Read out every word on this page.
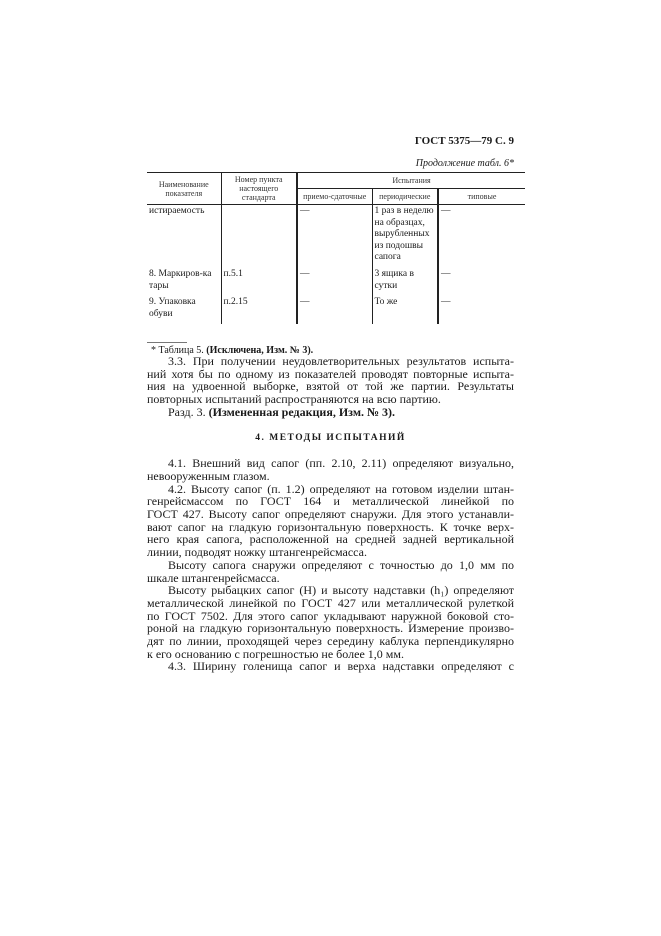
ГОСТ 5375—79 С. 9
Продолжение табл. 6*
Наименование показателя	Номер пункта настоящего стандарта	Испытания		
		приемо-сдаточные	периодические	типовые
истираемость		—	1 раз в неделю на образцах, вырубленных из подошвы сапога	—
8. Маркиров-ка тары	п.5.1	—	3 ящика в сутки	—
9. Упаковка обуви	п.2.15	—	То же	—
* Таблица 5. (Исключена, Изм. № 3).
3.3. При получении неудовлетворительных результатов испыта-
ний хотя бы по одному из показателей проводят повторные испыта-
ния на удвоенной выборке, взятой от той же партии. Результаты
повторных испытаний распространяются на всю партию.
Разд. 3. (Измененная редакция, Изм. № 3).
4. МЕТОДЫ ИСПЫТАНИЙ
4.1. Внешний вид сапог (пп. 2.10, 2.11) определяют визуально,
невооруженным глазом.
4.2. Высоту сапог (п. 1.2) определяют на готовом изделии штан-
генрейсмассом по ГОСТ 164 и металлической линейкой по
ГОСТ 427. Высоту сапог определяют снаружи. Для этого устанавли-
вают сапог на гладкую горизонтальную поверхность. К точке верх-
него края сапога, расположенной на средней задней вертикальной
линии, подводят ножку штангенрейсмасса.
Высоту сапога снаружи определяют с точностью до 1,0 мм по
шкале штангенрейсмасса.
Высоту рыбацких сапог (H) и высоту надставки (h₁) определяют
металлической линейкой по ГОСТ 427 или металлической рулеткой
по ГОСТ 7502. Для этого сапог укладывают наружной боковой сто-
роной на гладкую горизонтальную поверхность. Измерение произво-
дят по линии, проходящей через середину каблука перпендикулярно
к его основанию с погрешностью не более 1,0 мм.
4.3. Ширину голенища сапог и верха надставки определяют с
